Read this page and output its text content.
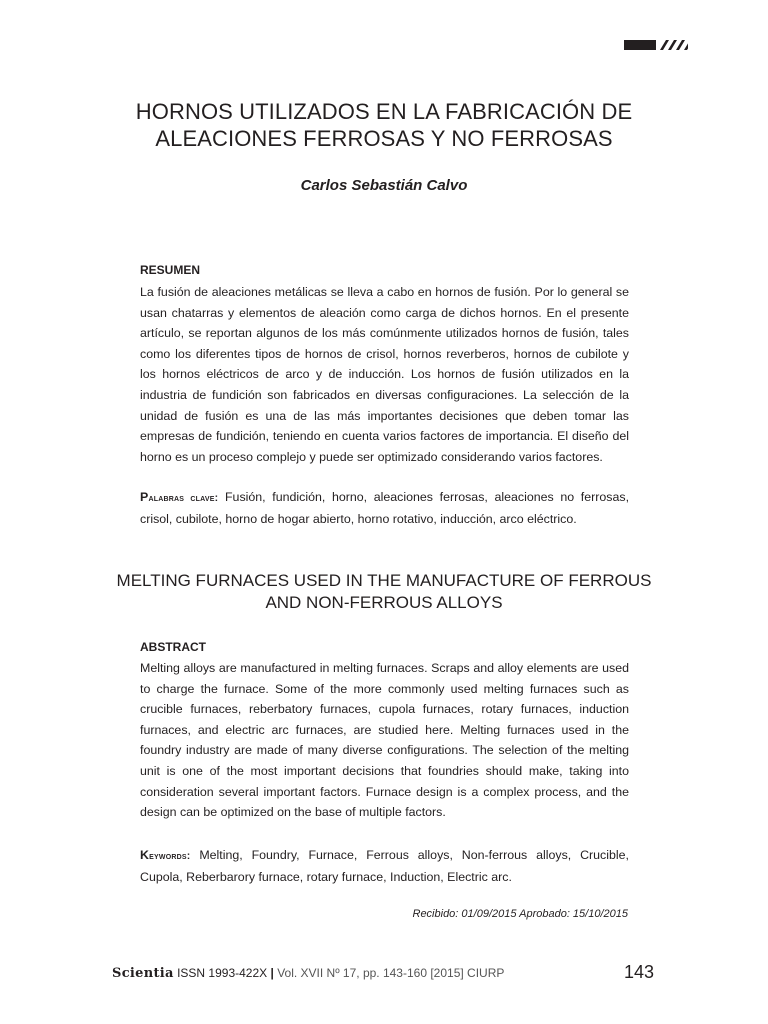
HORNOS UTILIZADOS EN LA FABRICACIÓN DE
ALEACIONES FERROSAS Y NO FERROSAS
Carlos Sebastián Calvo
RESUMEN

La fusión de aleaciones metálicas se lleva a cabo en hornos de fusión. Por lo general se usan chatarras y elementos de aleación como carga de dichos hornos. En el presente artículo, se reportan algunos de los más comúnmente utilizados hornos de fusión, tales como los diferentes tipos de hornos de crisol, hornos reverberos, hornos de cubilote y los hornos eléctricos de arco y de inducción. Los hornos de fusión utilizados en la industria de fundición son fabricados en diversas configuraciones. La selección de la unidad de fusión es una de las más importantes decisiones que deben tomar las empresas de fundición, teniendo en cuenta varios factores de importancia. El diseño del horno es un proceso complejo y puede ser optimizado considerando varios factores.

Palabras clave: Fusión, fundición, horno, aleaciones ferrosas, aleaciones no ferrosas, crisol, cubilote, horno de hogar abierto, horno rotativo, inducción, arco eléctrico.

MELTING FURNACES USED IN THE MANUFACTURE OF FERROUS
AND NON-FERROUS ALLOYS
ABSTRACT

Melting alloys are manufactured in melting furnaces. Scraps and alloy elements are used to charge the furnace. Some of the more commonly used melting furnaces such as crucible furnaces, reberbatory furnaces, cupola furnaces, rotary furnaces, induction furnaces, and electric arc furnaces, are studied here. Melting furnaces used in the foundry industry are made of many diverse configurations. The selection of the melting unit is one of the most important decisions that foundries should make, taking into consideration several important factors. Furnace design is a complex process, and the design can be optimized on the base of multiple factors.

Keywords: Melting, Foundry, Furnace, Ferrous alloys, Non-ferrous alloys, Crucible, Cupola, Reberbarory furnace, rotary furnace, Induction, Electric arc.

Recibido: 01/09/2015 Aprobado: 15/10/2015
Scientia ISSN 1993-422X | Vol. XVII Nº 17, pp. 143-160 [2015] CIURP	143
